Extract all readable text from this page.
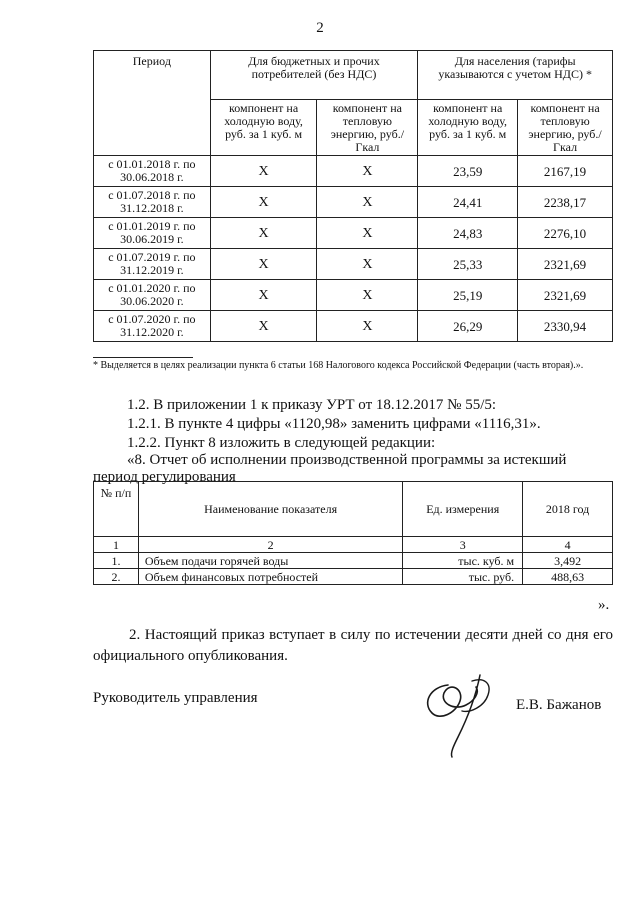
2
Период	Для бюджетных и прочих потребителей (без НДС)		Для населения (тарифы указываются с учетом НДС) *	
	компонент на холодную воду, руб. за 1 куб. м	компонент на тепловую энергию, руб./Гкал	компонент на холодную воду, руб. за 1 куб. м	компонент на тепловую энергию, руб./Гкал
с 01.01.2018 г. по 30.06.2018 г.	Х	Х	23,59	2167,19
с 01.07.2018 г. по 31.12.2018 г.	Х	Х	24,41	2238,17
с 01.01.2019 г. по 30.06.2019 г.	Х	Х	24,83	2276,10
с 01.07.2019 г. по 31.12.2019 г.	Х	Х	25,33	2321,69
с 01.01.2020 г. по 30.06.2020 г.	Х	Х	25,19	2321,69
с 01.07.2020 г. по 31.12.2020 г.	Х	Х	26,29	2330,94
* Выделяется в целях реализации пункта 6 статьи 168 Налогового кодекса Российской Федерации (часть вторая).».
1.2. В приложении 1 к приказу УРТ от 18.12.2017 № 55/5:
1.2.1. В пункте 4 цифры «1120,98» заменить цифрами «1116,31».
1.2.2. Пункт 8 изложить в следующей редакции:
«8. Отчет об исполнении производственной программы за истекший
период регулирования
№ п/п	Наименование показателя	Ед. измерения	2018 год
1	2	3	4
1.	Объем подачи горячей воды	тыс. куб. м	3,492
2.	Объем финансовых потребностей	тыс. руб.	488,63
».
2. Настоящий приказ вступает в силу по истечении десяти дней со дня его официального опубликования.
Руководитель управления	Е.В. Бажанов
